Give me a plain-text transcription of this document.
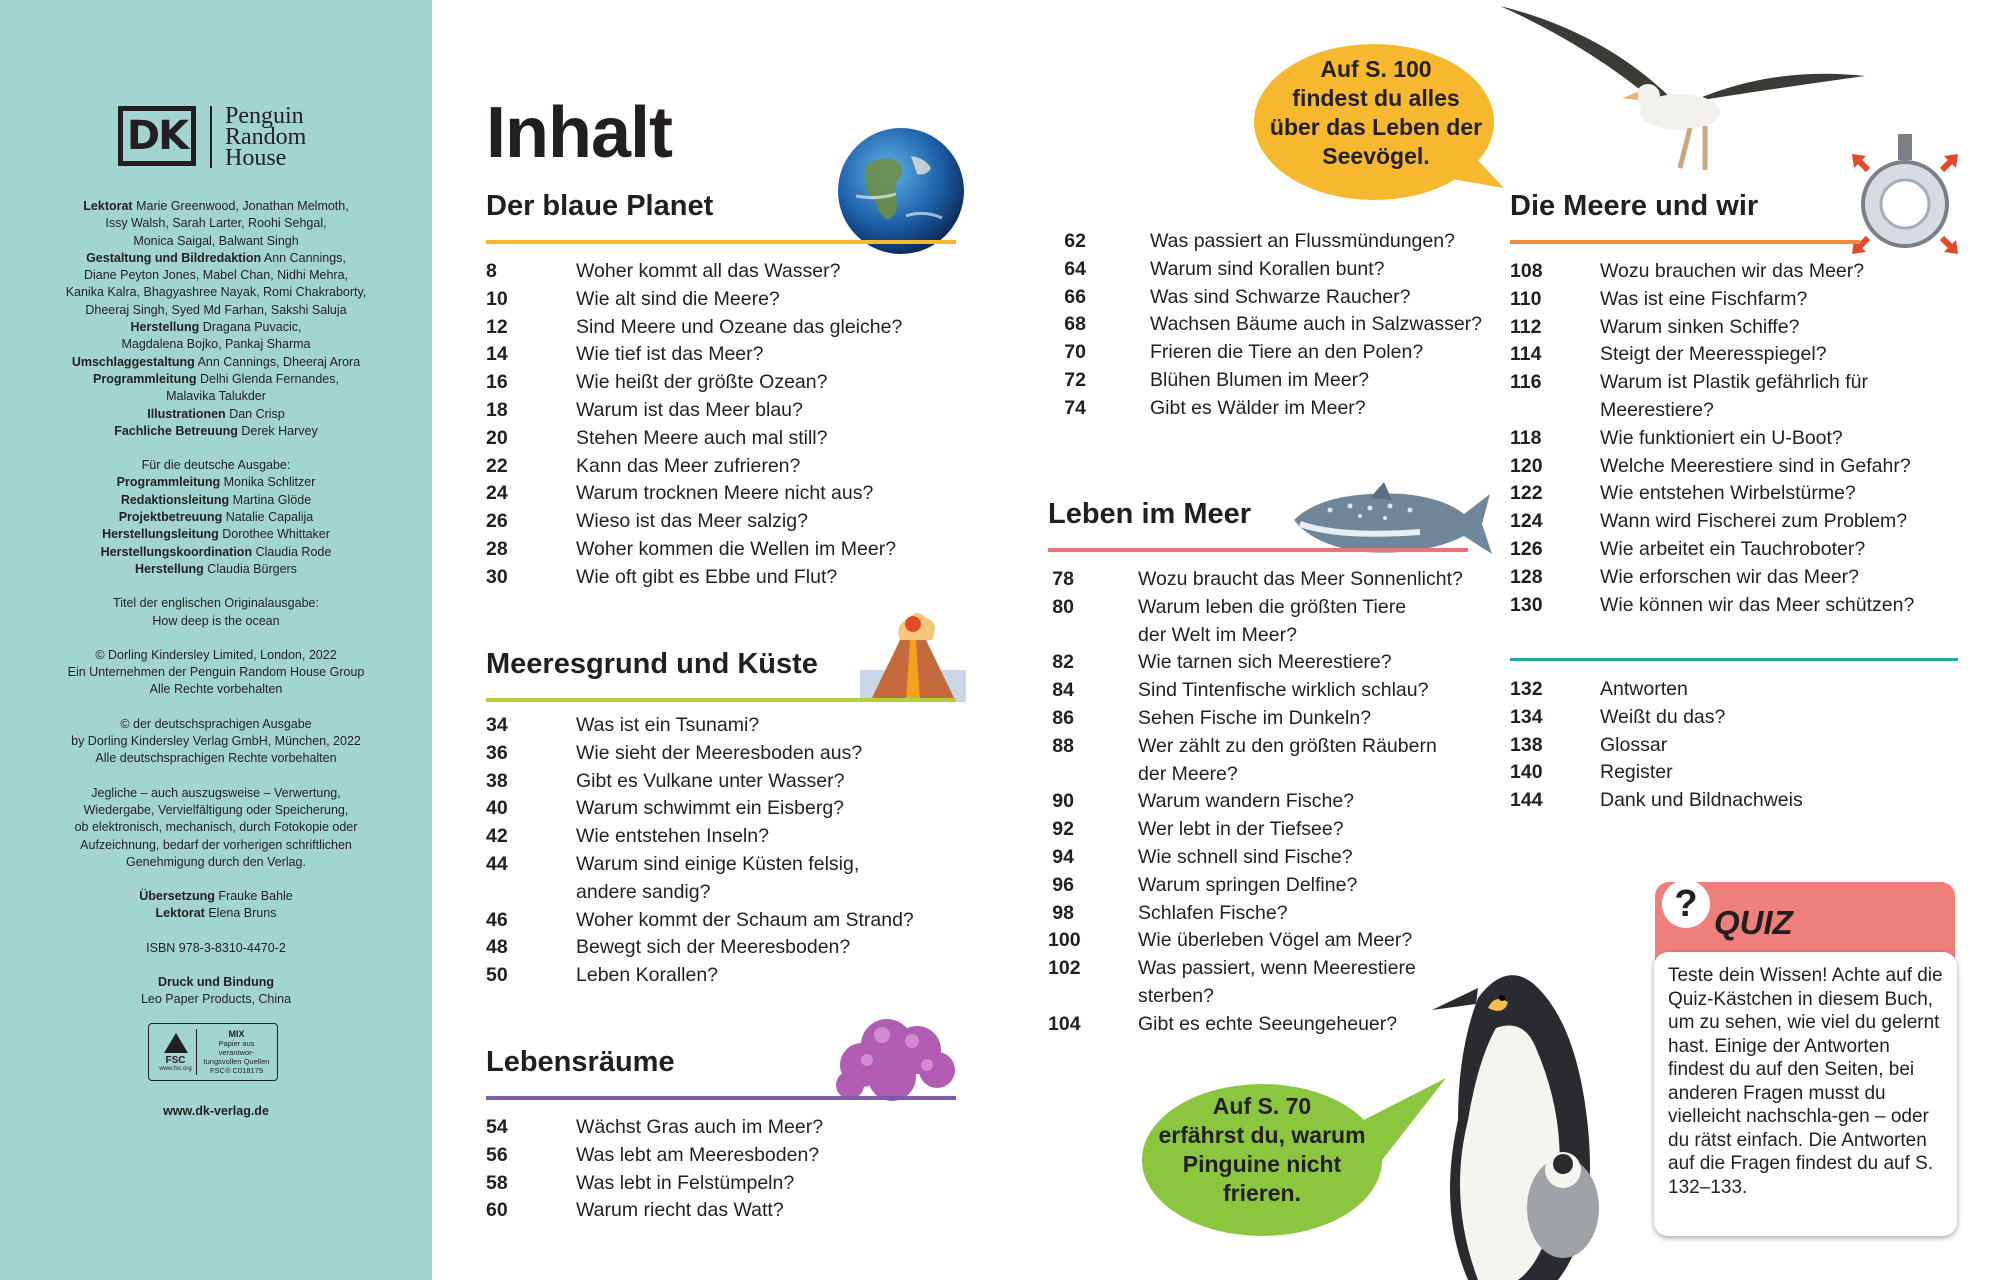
DK	Penguin
Random
House
Lektorat Marie Greenwood, Jonathan Melmoth,
Issy Walsh, Sarah Larter, Roohi Sehgal,
Monica Saigal, Balwant Singh
Gestaltung und Bildredaktion Ann Cannings,
Diane Peyton Jones, Mabel Chan, Nidhi Mehra,
Kanika Kalra, Bhagyashree Nayak, Romi Chakraborty,
Dheeraj Singh, Syed Md Farhan, Sakshi Saluja
Herstellung Dragana Puvacic,
Magdalena Bojko, Pankaj Sharma
Umschlaggestaltung Ann Cannings, Dheeraj Arora
Programmleitung Delhi Glenda Fernandes,
Malavika Talukder
Illustrationen Dan Crisp
Fachliche Betreuung Derek Harvey
Für die deutsche Ausgabe:
Programmleitung Monika Schlitzer
Redaktionsleitung Martina Glöde
Projektbetreuung Natalie Capalija
Herstellungsleitung Dorothee Whittaker
Herstellungskoordination Claudia Rode
Herstellung Claudia Bürgers
Titel der englischen Originalausgabe:
How deep is the ocean
© Dorling Kindersley Limited, London, 2022
Ein Unternehmen der Penguin Random House Group
Alle Rechte vorbehalten
© der deutschsprachigen Ausgabe
by Dorling Kindersley Verlag GmbH, München, 2022
Alle deutschsprachigen Rechte vorbehalten
Jegliche – auch auszugsweise – Verwertung,
Wiedergabe, Vervielfältigung oder Speicherung,
ob elektronisch, mechanisch, durch Fotokopie oder
Aufzeichnung, bedarf der vorherigen schriftlichen
Genehmigung durch den Verlag.
Übersetzung Frauke Bahle
Lektorat Elena Bruns
ISBN 978-3-8310-4470-2
Druck und Bindung
Leo Paper Products, China
FSC
www.fsc.org
MIX
Papier aus verantwor-
tungsvollen Quellen
FSC® C018179
www.dk-verlag.de
Inhalt
Auf S. 100
findest du alles
über das Leben der
Seevögel.
Auf S. 70
erfährst du, warum
Pinguine nicht
frieren.
Der blaue Planet
8	Woher kommt all das Wasser?
10	Wie alt sind die Meere?
12	Sind Meere und Ozeane das gleiche?
14	Wie tief ist das Meer?
16	Wie heißt der größte Ozean?
18	Warum ist das Meer blau?
20	Stehen Meere auch mal still?
22	Kann das Meer zufrieren?
24	Warum trocknen Meere nicht aus?
26	Wieso ist das Meer salzig?
28	Woher kommen die Wellen im Meer?
30	Wie oft gibt es Ebbe und Flut?
Meeresgrund und Küste
34	Was ist ein Tsunami?
36	Wie sieht der Meeresboden aus?
38	Gibt es Vulkane unter Wasser?
40	Warum schwimmt ein Eisberg?
42	Wie entstehen Inseln?
44	Warum sind einige Küsten felsig,
andere sandig?
46	Woher kommt der Schaum am Strand?
48	Bewegt sich der Meeresboden?
50	Leben Korallen?
Lebensräume
54	Wächst Gras auch im Meer?
56	Was lebt am Meeresboden?
58	Was lebt in Felstümpeln?
60	Warum riecht das Watt?
62	Was passiert an Flussmündungen?
64	Warum sind Korallen bunt?
66	Was sind Schwarze Raucher?
68	Wachsen Bäume auch in Salzwasser?
70	Frieren die Tiere an den Polen?
72	Blühen Blumen im Meer?
74	Gibt es Wälder im Meer?
Leben im Meer
78	Wozu braucht das Meer Sonnenlicht?
80	Warum leben die größten Tiere
der Welt im Meer?
82	Wie tarnen sich Meerestiere?
84	Sind Tintenfische wirklich schlau?
86	Sehen Fische im Dunkeln?
88	Wer zählt zu den größten Räubern
der Meere?
90	Warum wandern Fische?
92	Wer lebt in der Tiefsee?
94	Wie schnell sind Fische?
96	Warum springen Delfine?
98	Schlafen Fische?
100	Wie überleben Vögel am Meer?
102	Was passiert, wenn Meerestiere
sterben?
104	Gibt es echte Seeungeheuer?
Die Meere und wir
108	Wozu brauchen wir das Meer?
110	Was ist eine Fischfarm?
112	Warum sinken Schiffe?
114	Steigt der Meeresspiegel?
116	Warum ist Plastik gefährlich für
Meerestiere?
118	Wie funktioniert ein U-Boot?
120	Welche Meerestiere sind in Gefahr?
122	Wie entstehen Wirbelstürme?
124	Wann wird Fischerei zum Problem?
126	Wie arbeitet ein Tauchroboter?
128	Wie erforschen wir das Meer?
130	Wie können wir das Meer schützen?
132	Antworten
134	Weißt du das?
138	Glossar
140	Register
144	Dank und Bildnachweis
? QUIZ
Teste dein Wissen! Achte auf die Quiz-Kästchen in diesem Buch, um zu sehen, wie viel du gelernt hast. Einige der Antworten findest du auf den Seiten, bei anderen Fragen musst du vielleicht nachschla-gen – oder du rätst einfach. Die Antworten auf die Fragen findest du auf S. 132–133.
